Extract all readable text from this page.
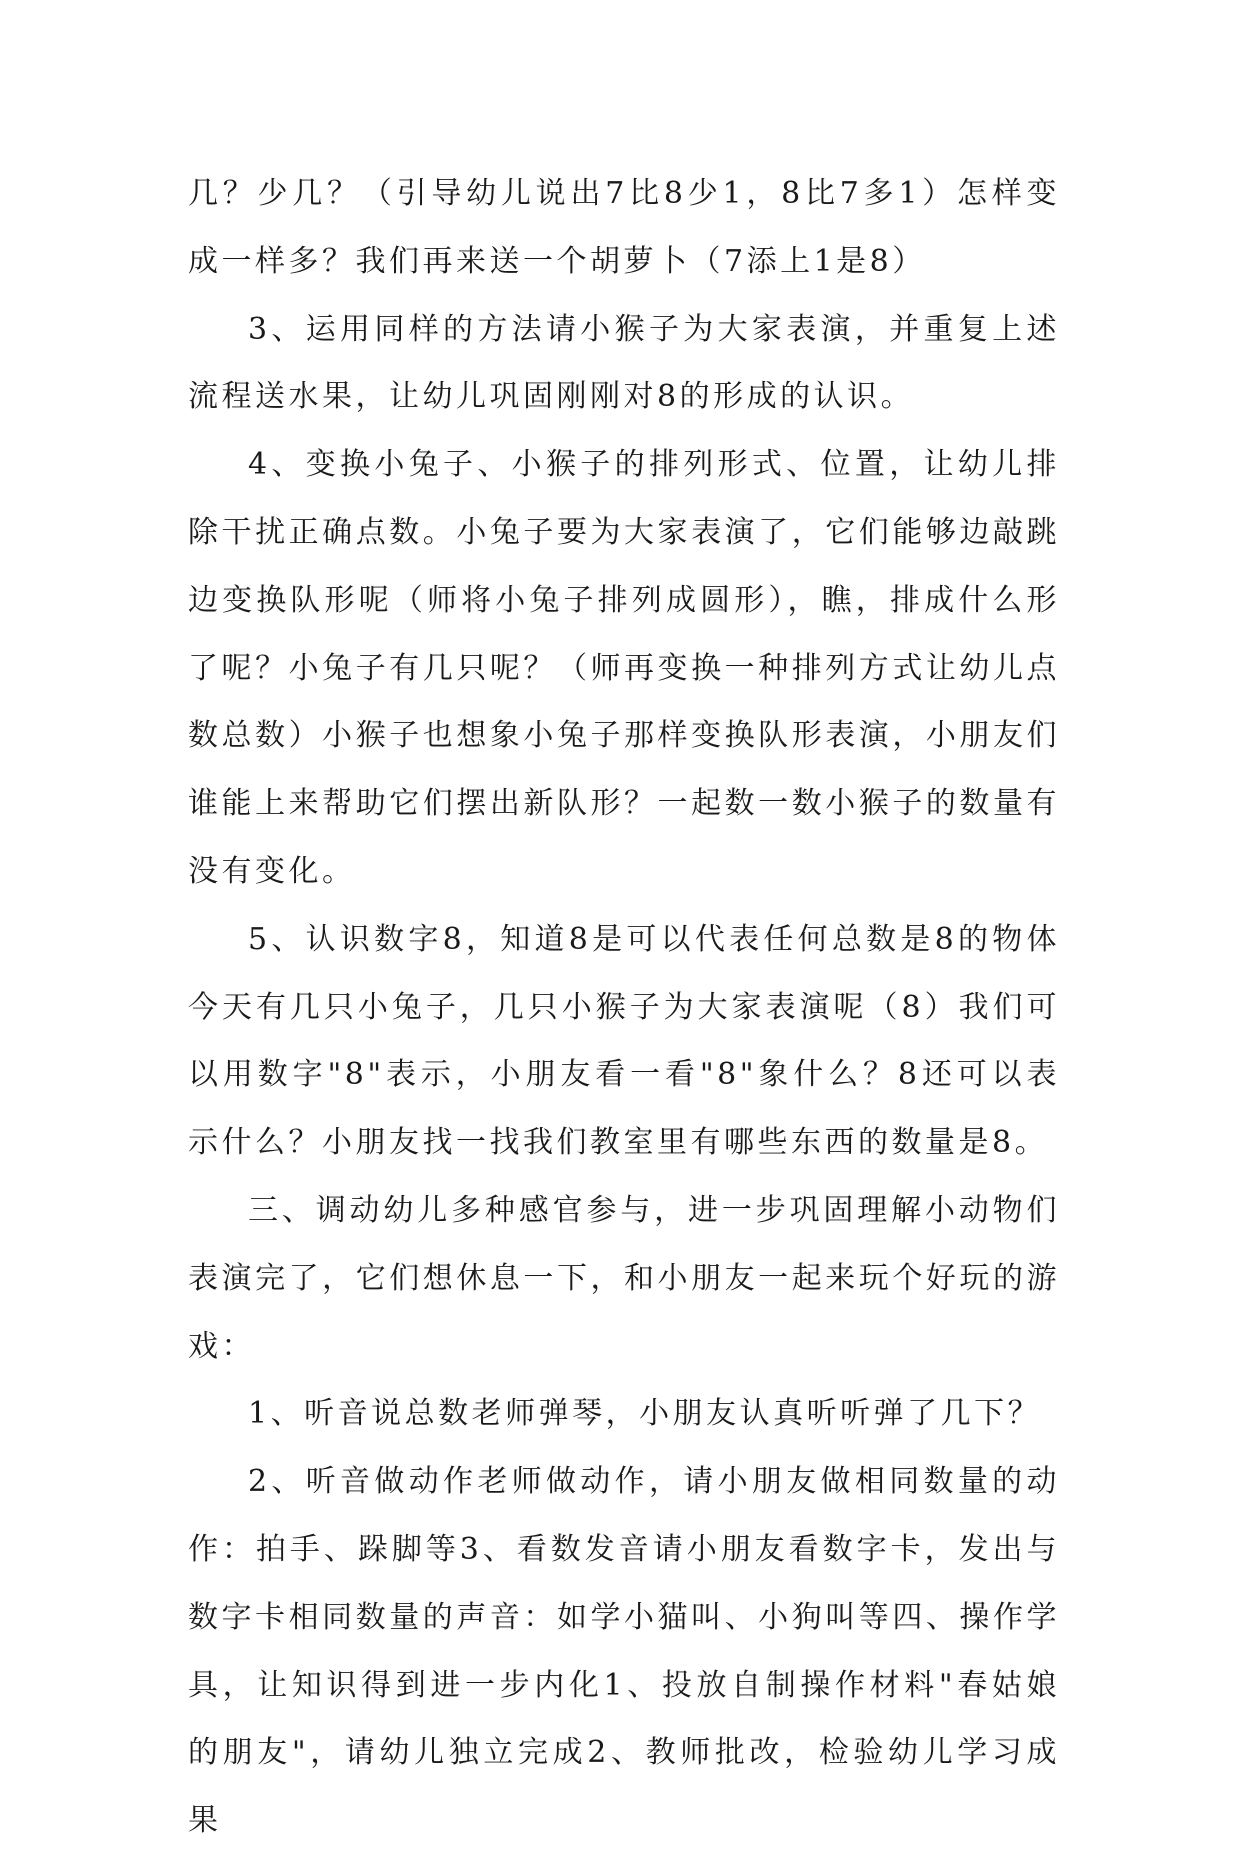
几？少几？（引导幼儿说出7比8少1，8比7多1）怎样变成一样多？我们再来送一个胡萝卜（7添上1是8）

3、运用同样的方法请小猴子为大家表演，并重复上述流程送水果，让幼儿巩固刚刚对8的形成的认识。

4、变换小兔子、小猴子的排列形式、位置，让幼儿排除干扰正确点数。小兔子要为大家表演了，它们能够边敲跳边变换队形呢（师将小兔子排列成圆形），瞧，排成什么形了呢？小兔子有几只呢？（师再变换一种排列方式让幼儿点数总数）小猴子也想象小兔子那样变换队形表演，小朋友们谁能上来帮助它们摆出新队形？一起数一数小猴子的数量有没有变化。

5、认识数字8，知道8是可以代表任何总数是8的物体今天有几只小兔子，几只小猴子为大家表演呢（8）我们可以用数字"8"表示，小朋友看一看"8"象什么？8还可以表示什么？小朋友找一找我们教室里有哪些东西的数量是8。

三、调动幼儿多种感官参与，进一步巩固理解小动物们表演完了，它们想休息一下，和小朋友一起来玩个好玩的游戏：

1、听音说总数老师弹琴，小朋友认真听听弹了几下？

2、听音做动作老师做动作，请小朋友做相同数量的动作：拍手、跺脚等3、看数发音请小朋友看数字卡，发出与数字卡相同数量的声音：如学小猫叫、小狗叫等四、操作学具，让知识得到进一步内化1、投放自制操作材料"春姑娘的朋友"，请幼儿独立完成2、教师批改，检验幼儿学习成果
